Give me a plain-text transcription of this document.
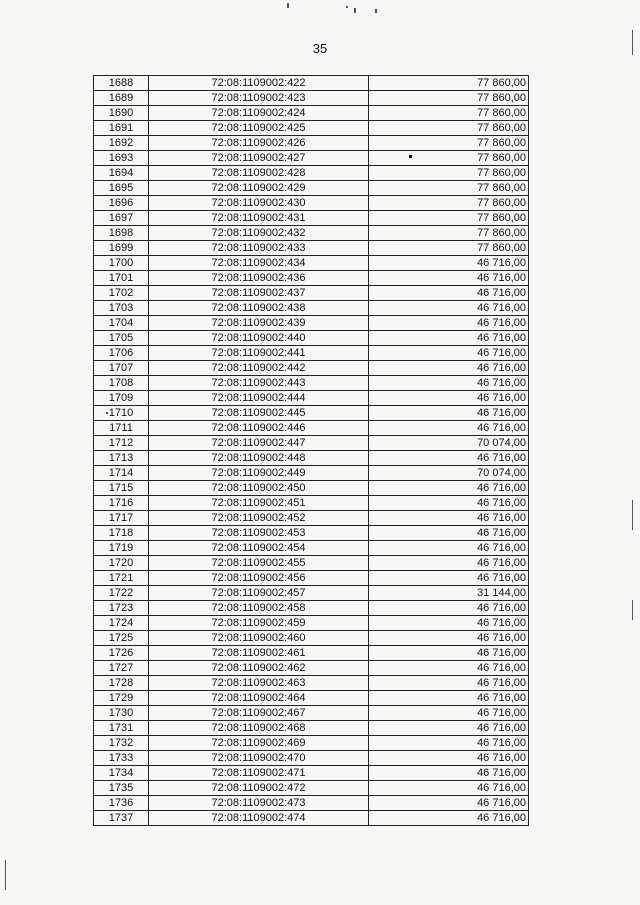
35
1688	72:08:1109002:422	77 860,00
1689	72:08:1109002:423	77 860,00
1690	72:08:1109002:424	77 860,00
1691	72:08:1109002:425	77 860,00
1692	72:08:1109002:426	77 860,00
1693	72:08:1109002:427	77 860,00
1694	72:08:1109002:428	77 860,00
1695	72:08:1109002:429	77 860,00
1696	72:08:1109002:430	77 860,00
1697	72:08:1109002:431	77 860,00
1698	72:08:1109002:432	77 860,00
1699	72:08:1109002:433	77 860,00
1700	72:08:1109002:434	46 716,00
1701	72:08:1109002:436	46 716,00
1702	72:08:1109002:437	46 716,00
1703	72:08:1109002:438	46 716,00
1704	72:08:1109002:439	46 716,00
1705	72:08:1109002:440	46 716,00
1706	72:08:1109002:441	46 716,00
1707	72:08:1109002:442	46 716,00
1708	72:08:1109002:443	46 716,00
1709	72:08:1109002:444	46 716,00
1710	72:08:1109002:445	46 716,00
1711	72:08:1109002:446	46 716,00
1712	72:08:1109002:447	70 074,00
1713	72:08:1109002:448	46 716,00
1714	72:08:1109002:449	70 074,00
1715	72:08:1109002:450	46 716,00
1716	72:08:1109002:451	46 716,00
1717	72:08:1109002:452	46 716,00
1718	72:08:1109002:453	46 716,00
1719	72:08:1109002:454	46 716,00
1720	72:08:1109002:455	46 716,00
1721	72:08:1109002:456	46 716,00
1722	72:08:1109002:457	31 144,00
1723	72:08:1109002:458	46 716,00
1724	72:08:1109002:459	46 716,00
1725	72:08:1109002:460	46 716,00
1726	72:08:1109002:461	46 716,00
1727	72:08:1109002:462	46 716,00
1728	72:08:1109002:463	46 716,00
1729	72:08:1109002:464	46 716,00
1730	72:08:1109002:467	46 716,00
1731	72:08:1109002:468	46 716,00
1732	72:08:1109002:469	46 716,00
1733	72:08:1109002:470	46 716,00
1734	72:08:1109002:471	46 716,00
1735	72:08:1109002:472	46 716,00
1736	72:08:1109002:473	46 716,00
1737	72:08:1109002:474	46 716,00
